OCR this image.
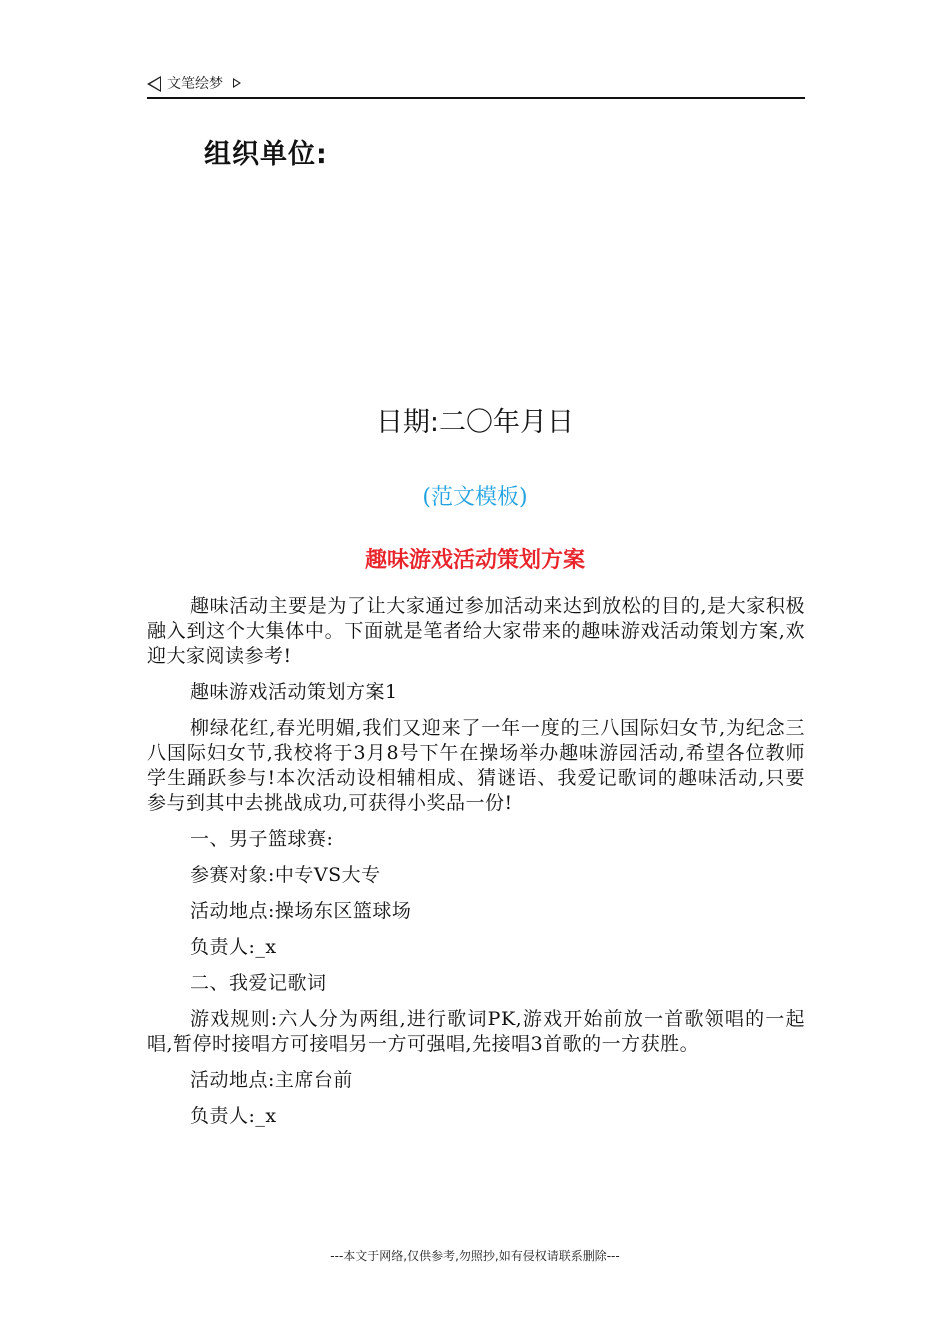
文笔绘梦
组织单位:
日期:二〇年月日
(范文模板)
趣味游戏活动策划方案

趣味活动主要是为了让大家通过参加活动来达到放松的目的,是大家积极融入到这个大集体中。下面就是笔者给大家带来的趣味游戏活动策划方案,欢迎大家阅读参考!

趣味游戏活动策划方案1

柳绿花红,春光明媚,我们又迎来了一年一度的三八国际妇女节,为纪念三八国际妇女节,我校将于3月8号下午在操场举办趣味游园活动,希望各位教师学生踊跃参与!本次活动设相辅相成、猜谜语、我爱记歌词的趣味活动,只要参与到其中去挑战成功,可获得小奖品一份!

一、男子篮球赛:

参赛对象:中专VS大专

活动地点:操场东区篮球场

负责人:_x

二、我爱记歌词

游戏规则:六人分为两组,进行歌词PK,游戏开始前放一首歌领唱的一起唱,暂停时接唱方可接唱另一方可强唱,先接唱3首歌的一方获胜。

活动地点:主席台前

负责人:_x

---本文于网络,仅供参考,勿照抄,如有侵权请联系删除---
